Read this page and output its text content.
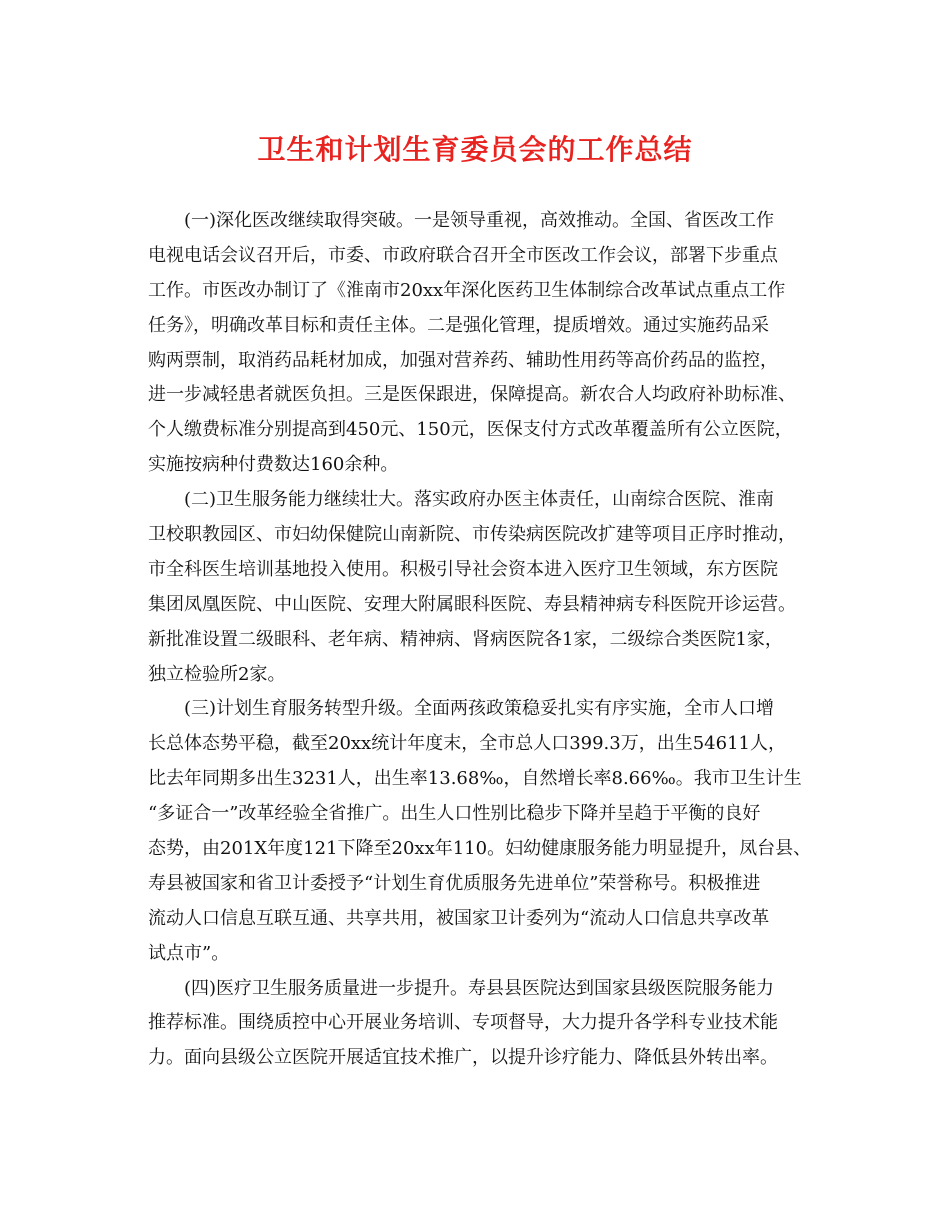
卫生和计划生育委员会的工作总结
(一)深化医改继续取得突破。一是领导重视，高效推动。全国、省医改工作
电视电话会议召开后，市委、市政府联合召开全市医改工作会议，部署下步重点
工作。市医改办制订了《淮南市20xx年深化医药卫生体制综合改革试点重点工作
任务》，明确改革目标和责任主体。二是强化管理，提质增效。通过实施药品采
购两票制，取消药品耗材加成，加强对营养药、辅助性用药等高价药品的监控，
进一步减轻患者就医负担。三是医保跟进，保障提高。新农合人均政府补助标准、
个人缴费标准分别提高到450元、150元，医保支付方式改革覆盖所有公立医院，
实施按病种付费数达160余种。
(二)卫生服务能力继续壮大。落实政府办医主体责任，山南综合医院、淮南
卫校职教园区、市妇幼保健院山南新院、市传染病医院改扩建等项目正序时推动，
市全科医生培训基地投入使用。积极引导社会资本进入医疗卫生领域，东方医院
集团凤凰医院、中山医院、安理大附属眼科医院、寿县精神病专科医院开诊运营。
新批准设置二级眼科、老年病、精神病、肾病医院各1家，二级综合类医院1家，
独立检验所2家。
(三)计划生育服务转型升级。全面两孩政策稳妥扎实有序实施，全市人口增
长总体态势平稳，截至20xx统计年度末，全市总人口399.3万，出生54611人，
比去年同期多出生3231人，出生率13.68‰，自然增长率8.66‰。我市卫生计生
“多证合一”改革经验全省推广。出生人口性别比稳步下降并呈趋于平衡的良好
态势，由201X年度121下降至20xx年110。妇幼健康服务能力明显提升，凤台县、
寿县被国家和省卫计委授予“计划生育优质服务先进单位”荣誉称号。积极推进
流动人口信息互联互通、共享共用，被国家卫计委列为“流动人口信息共享改革
试点市”。
(四)医疗卫生服务质量进一步提升。寿县县医院达到国家县级医院服务能力
推荐标准。围绕质控中心开展业务培训、专项督导，大力提升各学科专业技术能
力。面向县级公立医院开展适宜技术推广，以提升诊疗能力、降低县外转出率。
